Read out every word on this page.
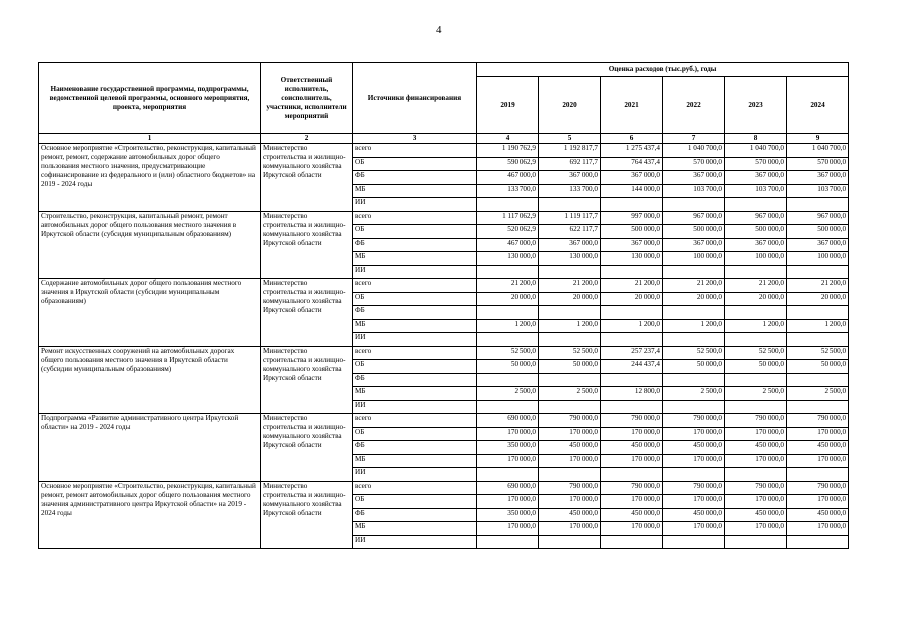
4
Наименование государственной программы, подпрограммы, ведомственной целевой программы, основного мероприятия, проекта, мероприятия	Ответственный исполнитель, соисполнитель, участники, исполнители мероприятий	Источники финансирования	Оценка расходов (тыс.руб.), годы					
			2019	2020	2021	2022	2023	2024
1	2	3	4	5	6	7	8	9
Основное мероприятие «Строительство, реконструкция, капитальный ремонт, ремонт, содержание автомобильных дорог общего пользования местного значения, предусматривающие софинансирование из федерального и (или) областного бюджетов» на 2019 - 2024 годы	Министерство строительства и жилищно-коммунального хозяйства Иркутской области	всего	1 190 762,9	1 192 817,7	1 275 437,4	1 040 700,0	1 040 700,0	1 040 700,0
		ОБ	590 062,9	692 117,7	764 437,4	570 000,0	570 000,0	570 000,0
		ФБ	467 000,0	367 000,0	367 000,0	367 000,0	367 000,0	367 000,0
		МБ	133 700,0	133 700,0	144 000,0	103 700,0	103 700,0	103 700,0
		ИИ						
Строительство, реконструкция, капитальный ремонт, ремонт автомобильных дорог общего пользования местного значения в Иркутской области (субсидия муниципальным образованиям)	Министерство строительства и жилищно-коммунального хозяйства Иркутской области	всего	1 117 062,9	1 119 117,7	997 000,0	967 000,0	967 000,0	967 000,0
		ОБ	520 062,9	622 117,7	500 000,0	500 000,0	500 000,0	500 000,0
		ФБ	467 000,0	367 000,0	367 000,0	367 000,0	367 000,0	367 000,0
		МБ	130 000,0	130 000,0	130 000,0	100 000,0	100 000,0	100 000,0
		ИИ						
Содержание автомобильных дорог общего пользования местного значения в Иркутской области (субсидии муниципальным образованиям)	Министерство строительства и жилищно-коммунального хозяйства Иркутской области	всего	21 200,0	21 200,0	21 200,0	21 200,0	21 200,0	21 200,0
		ОБ	20 000,0	20 000,0	20 000,0	20 000,0	20 000,0	20 000,0
		ФБ						
		МБ	1 200,0	1 200,0	1 200,0	1 200,0	1 200,0	1 200,0
		ИИ						
Ремонт искусственных сооружений на автомобильных дорогах общего пользования местного значения в Иркутской области (субсидии муниципальным образованиям)	Министерство строительства и жилищно-коммунального хозяйства Иркутской области	всего	52 500,0	52 500,0	257 237,4	52 500,0	52 500,0	52 500,0
		ОБ	50 000,0	50 000,0	244 437,4	50 000,0	50 000,0	50 000,0
		ФБ						
		МБ	2 500,0	2 500,0	12 800,0	2 500,0	2 500,0	2 500,0
		ИИ						
Подпрограмма «Развитие административного центра Иркутской области» на 2019 - 2024 годы	Министерство строительства и жилищно-коммунального хозяйства Иркутской области	всего	690 000,0	790 000,0	790 000,0	790 000,0	790 000,0	790 000,0
		ОБ	170 000,0	170 000,0	170 000,0	170 000,0	170 000,0	170 000,0
		ФБ	350 000,0	450 000,0	450 000,0	450 000,0	450 000,0	450 000,0
		МБ	170 000,0	170 000,0	170 000,0	170 000,0	170 000,0	170 000,0
		ИИ						
Основное мероприятие «Строительство, реконструкция, капитальный ремонт, ремонт автомобильных дорог общего пользования местного значения административного центра Иркутской области» на 2019 - 2024 годы	Министерство строительства и жилищно-коммунального хозяйства Иркутской области	всего	690 000,0	790 000,0	790 000,0	790 000,0	790 000,0	790 000,0
		ОБ	170 000,0	170 000,0	170 000,0	170 000,0	170 000,0	170 000,0
		ФБ	350 000,0	450 000,0	450 000,0	450 000,0	450 000,0	450 000,0
		МБ	170 000,0	170 000,0	170 000,0	170 000,0	170 000,0	170 000,0
		ИИ						
